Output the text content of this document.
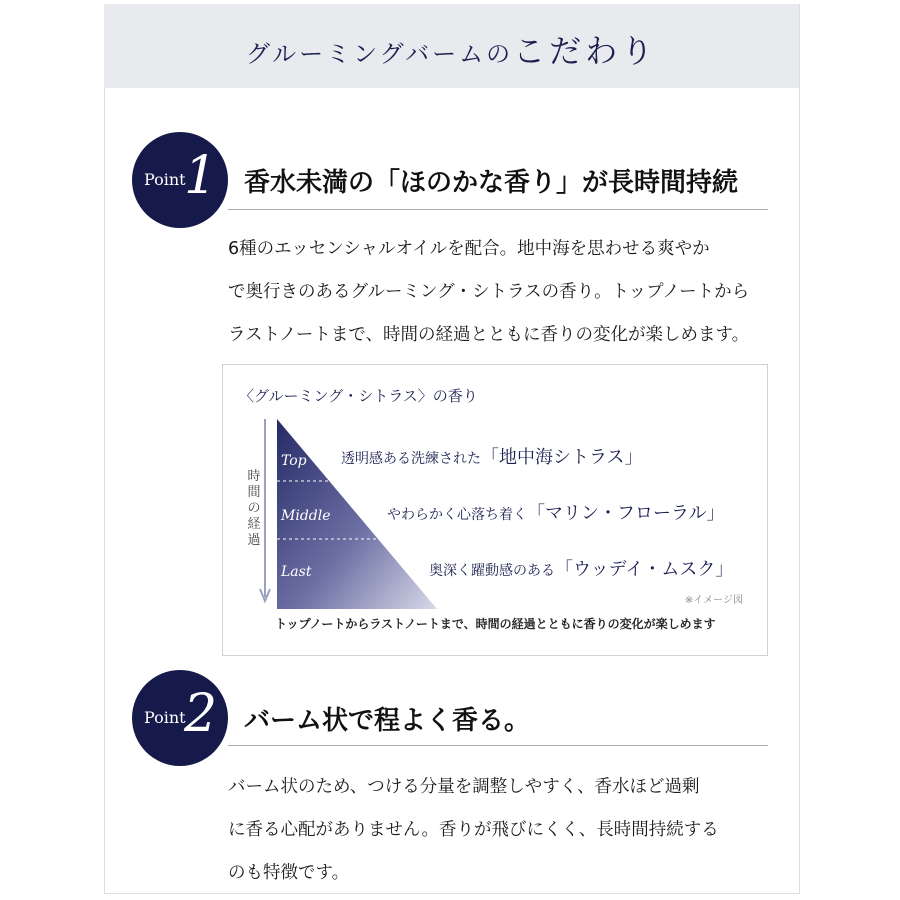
グルーミングバームのこだわり
Point
1 香水未満の「ほのかな香り」が長時間持続
6種のエッセンシャルオイルを配合。地中海を思わせる爽やか
で奥行きのあるグルーミング・シトラスの香り。トップノートから
ラストノートまで、時間の経過とともに香りの変化が楽しめます。
〈グルーミング・シトラス〉の香り
時間の経過
Top
Middle
Last
透明感ある洗練された「地中海シトラス」
やわらかく心落ち着く「マリン・フローラル」
奥深く躍動感のある「ウッデイ・ムスク」
※イメージ図
トップノートからラストノートまで、時間の経過とともに香りの変化が楽しめます
Point
2 バーム状で程よく香る。
バーム状のため、つける分量を調整しやすく、香水ほど過剰
に香る心配がありません。香りが飛びにくく、長時間持続する
のも特徴です。
